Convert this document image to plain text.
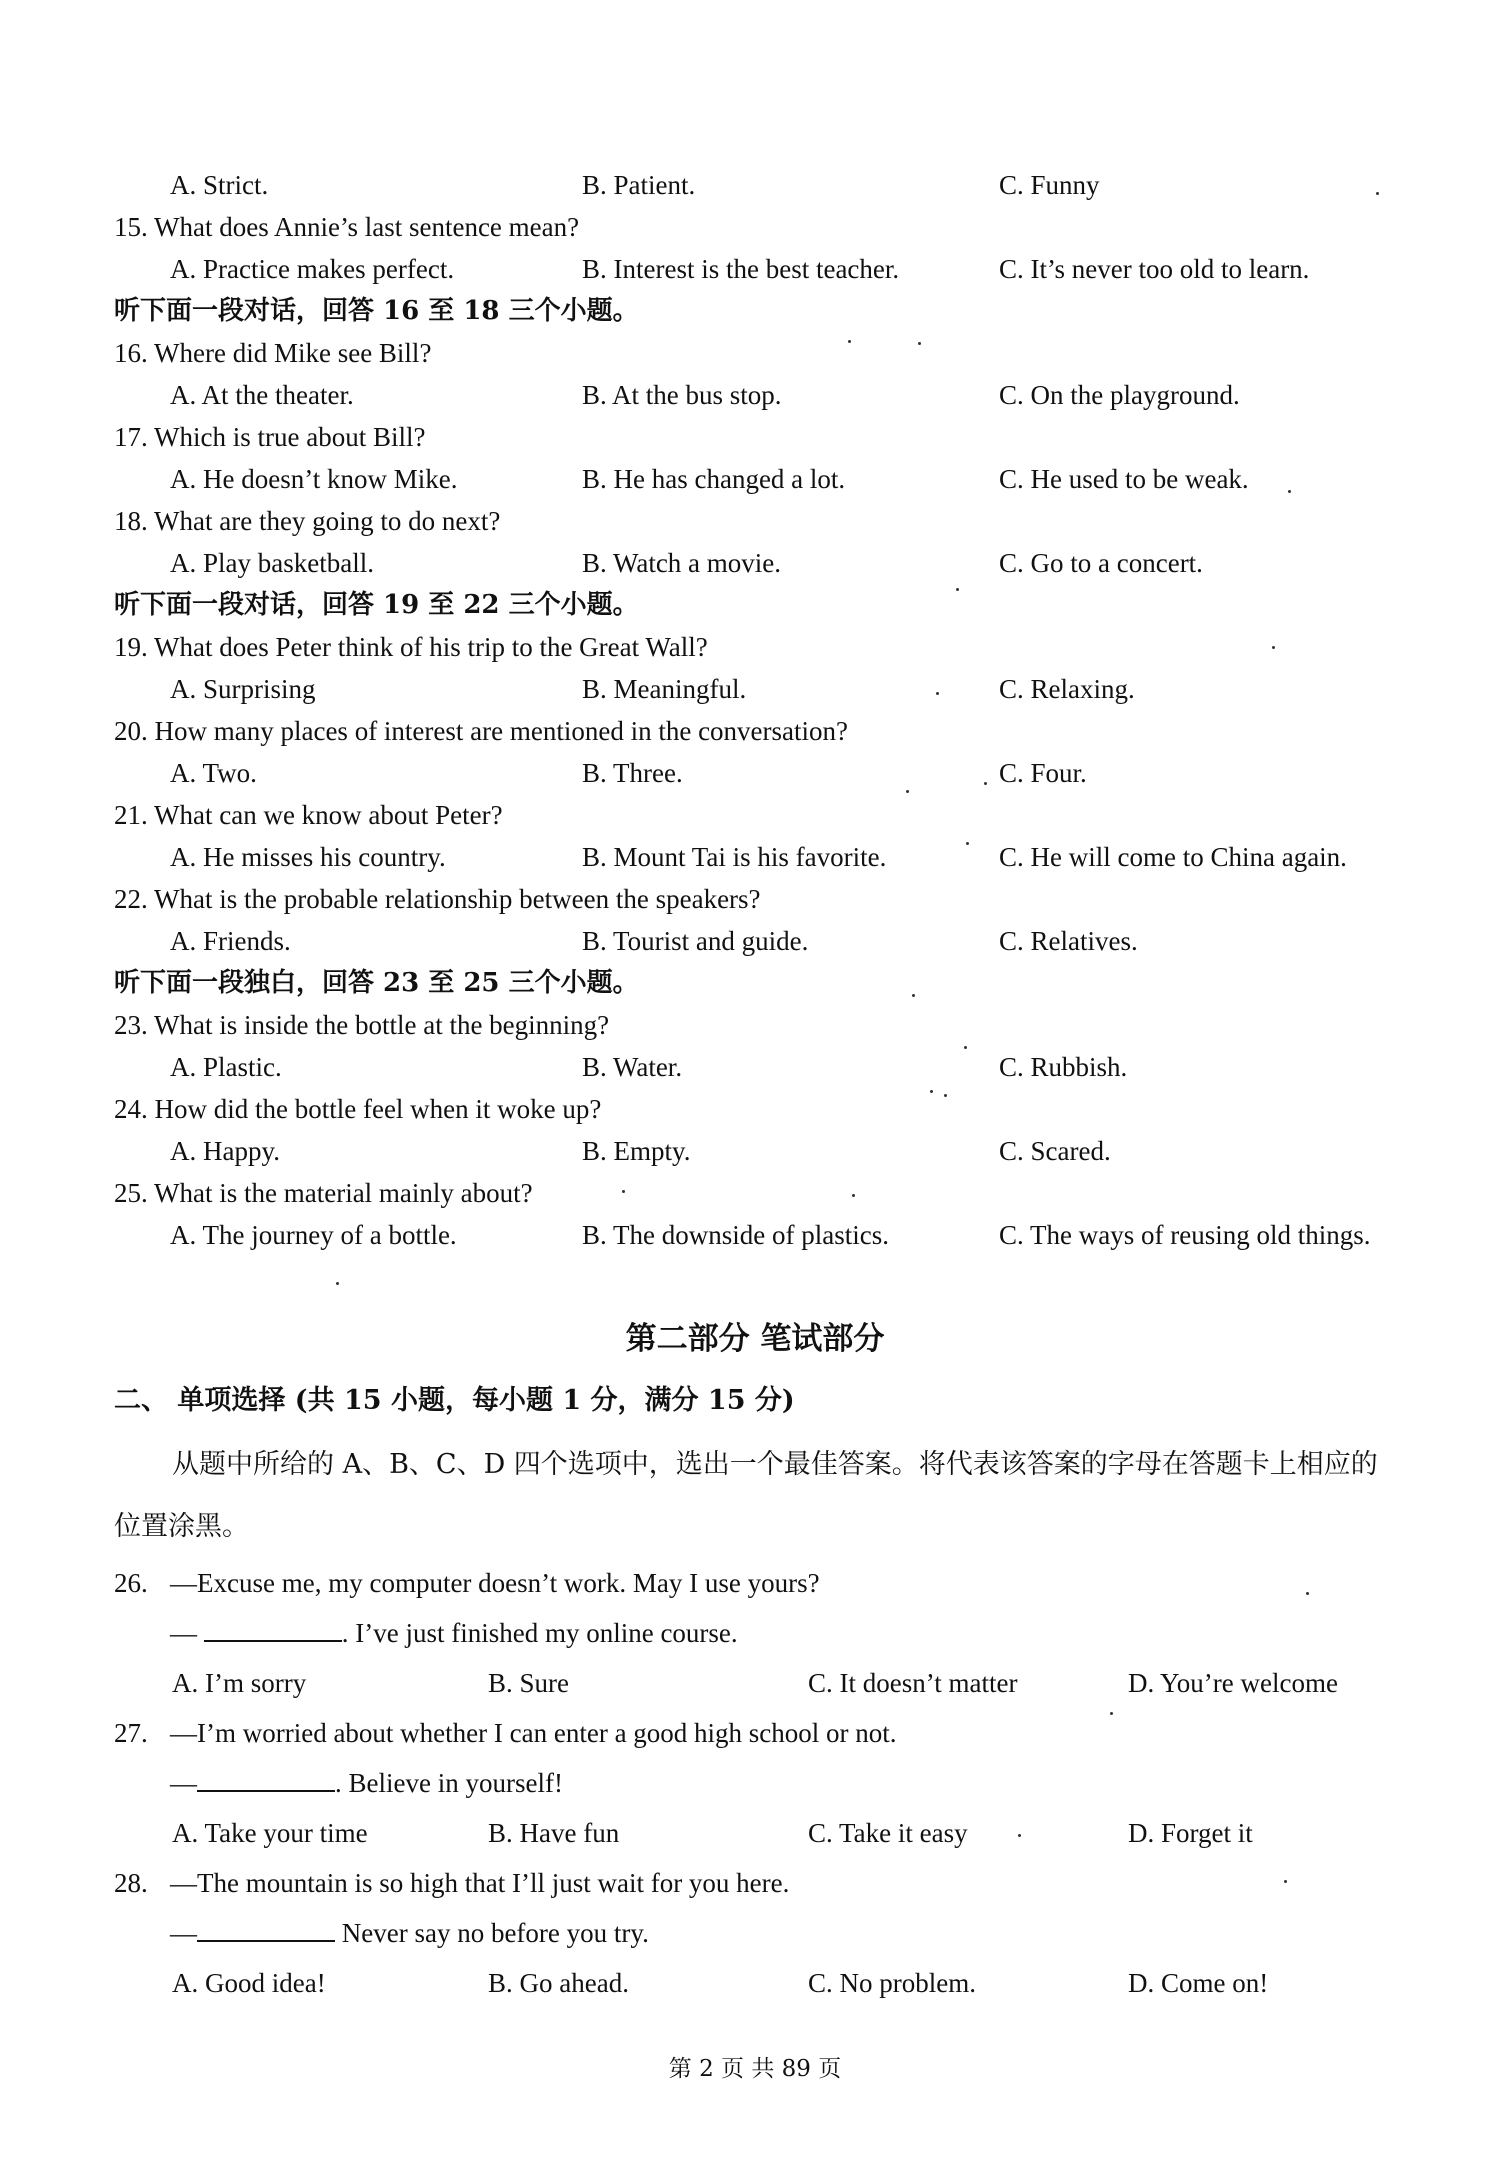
A. Strict.	B. Patient.	C. Funny
15. What does Annie’s last sentence mean?
A. Practice makes perfect.	B. Interest is the best teacher.	C. It’s never too old to learn.
听下面一段对话，回答 16 至 18 三个小题。
16. Where did Mike see Bill?
A. At the theater.	B. At the bus stop.	C. On the playground.
17. Which is true about Bill?
A. He doesn’t know Mike.	B. He has changed a lot.	C. He used to be weak.
18. What are they going to do next?
A. Play basketball.	B. Watch a movie.	C. Go to a concert.
听下面一段对话，回答 19 至 22 三个小题。
19. What does Peter think of his trip to the Great Wall?
A. Surprising	B. Meaningful.	C. Relaxing.
20. How many places of interest are mentioned in the conversation?
A. Two.	B. Three.	C. Four.
21. What can we know about Peter?
A. He misses his country.	B. Mount Tai is his favorite.	C. He will come to China again.
22. What is the probable relationship between the speakers?
A. Friends.	B. Tourist and guide.	C. Relatives.
听下面一段独白，回答 23 至 25 三个小题。
23. What is inside the bottle at the beginning?
A. Plastic.	B. Water.	C. Rubbish.
24. How did the bottle feel when it woke up?
A. Happy.	B. Empty.	C. Scared.
25. What is the material mainly about?
A. The journey of a bottle.	B. The downside of plastics.	C. The ways of reusing old things.
第二部分 笔试部分
二、 单项选择 (共 15 小题，每小题 1 分，满分 15 分)
从题中所给的 A、B、C、D 四个选项中，选出一个最佳答案。将代表该答案的字母在答题卡上相应的
位置涂黑。
26. —Excuse me, my computer doesn’t work. May I use yours?
—	. I’ve just finished my online course.
A. I’m sorry	B. Sure	C. It doesn’t matter	D. You’re welcome
27. —I’m worried about whether I can enter a good high school or not.
—	. Believe in yourself!
A. Take your time	B. Have fun	C. Take it easy	D. Forget it
28. —The mountain is so high that I’ll just wait for you here.
—	Never say no before you try.
A. Good idea!	B. Go ahead.	C. No problem.	D. Come on!
第 2 页 共 89 页
